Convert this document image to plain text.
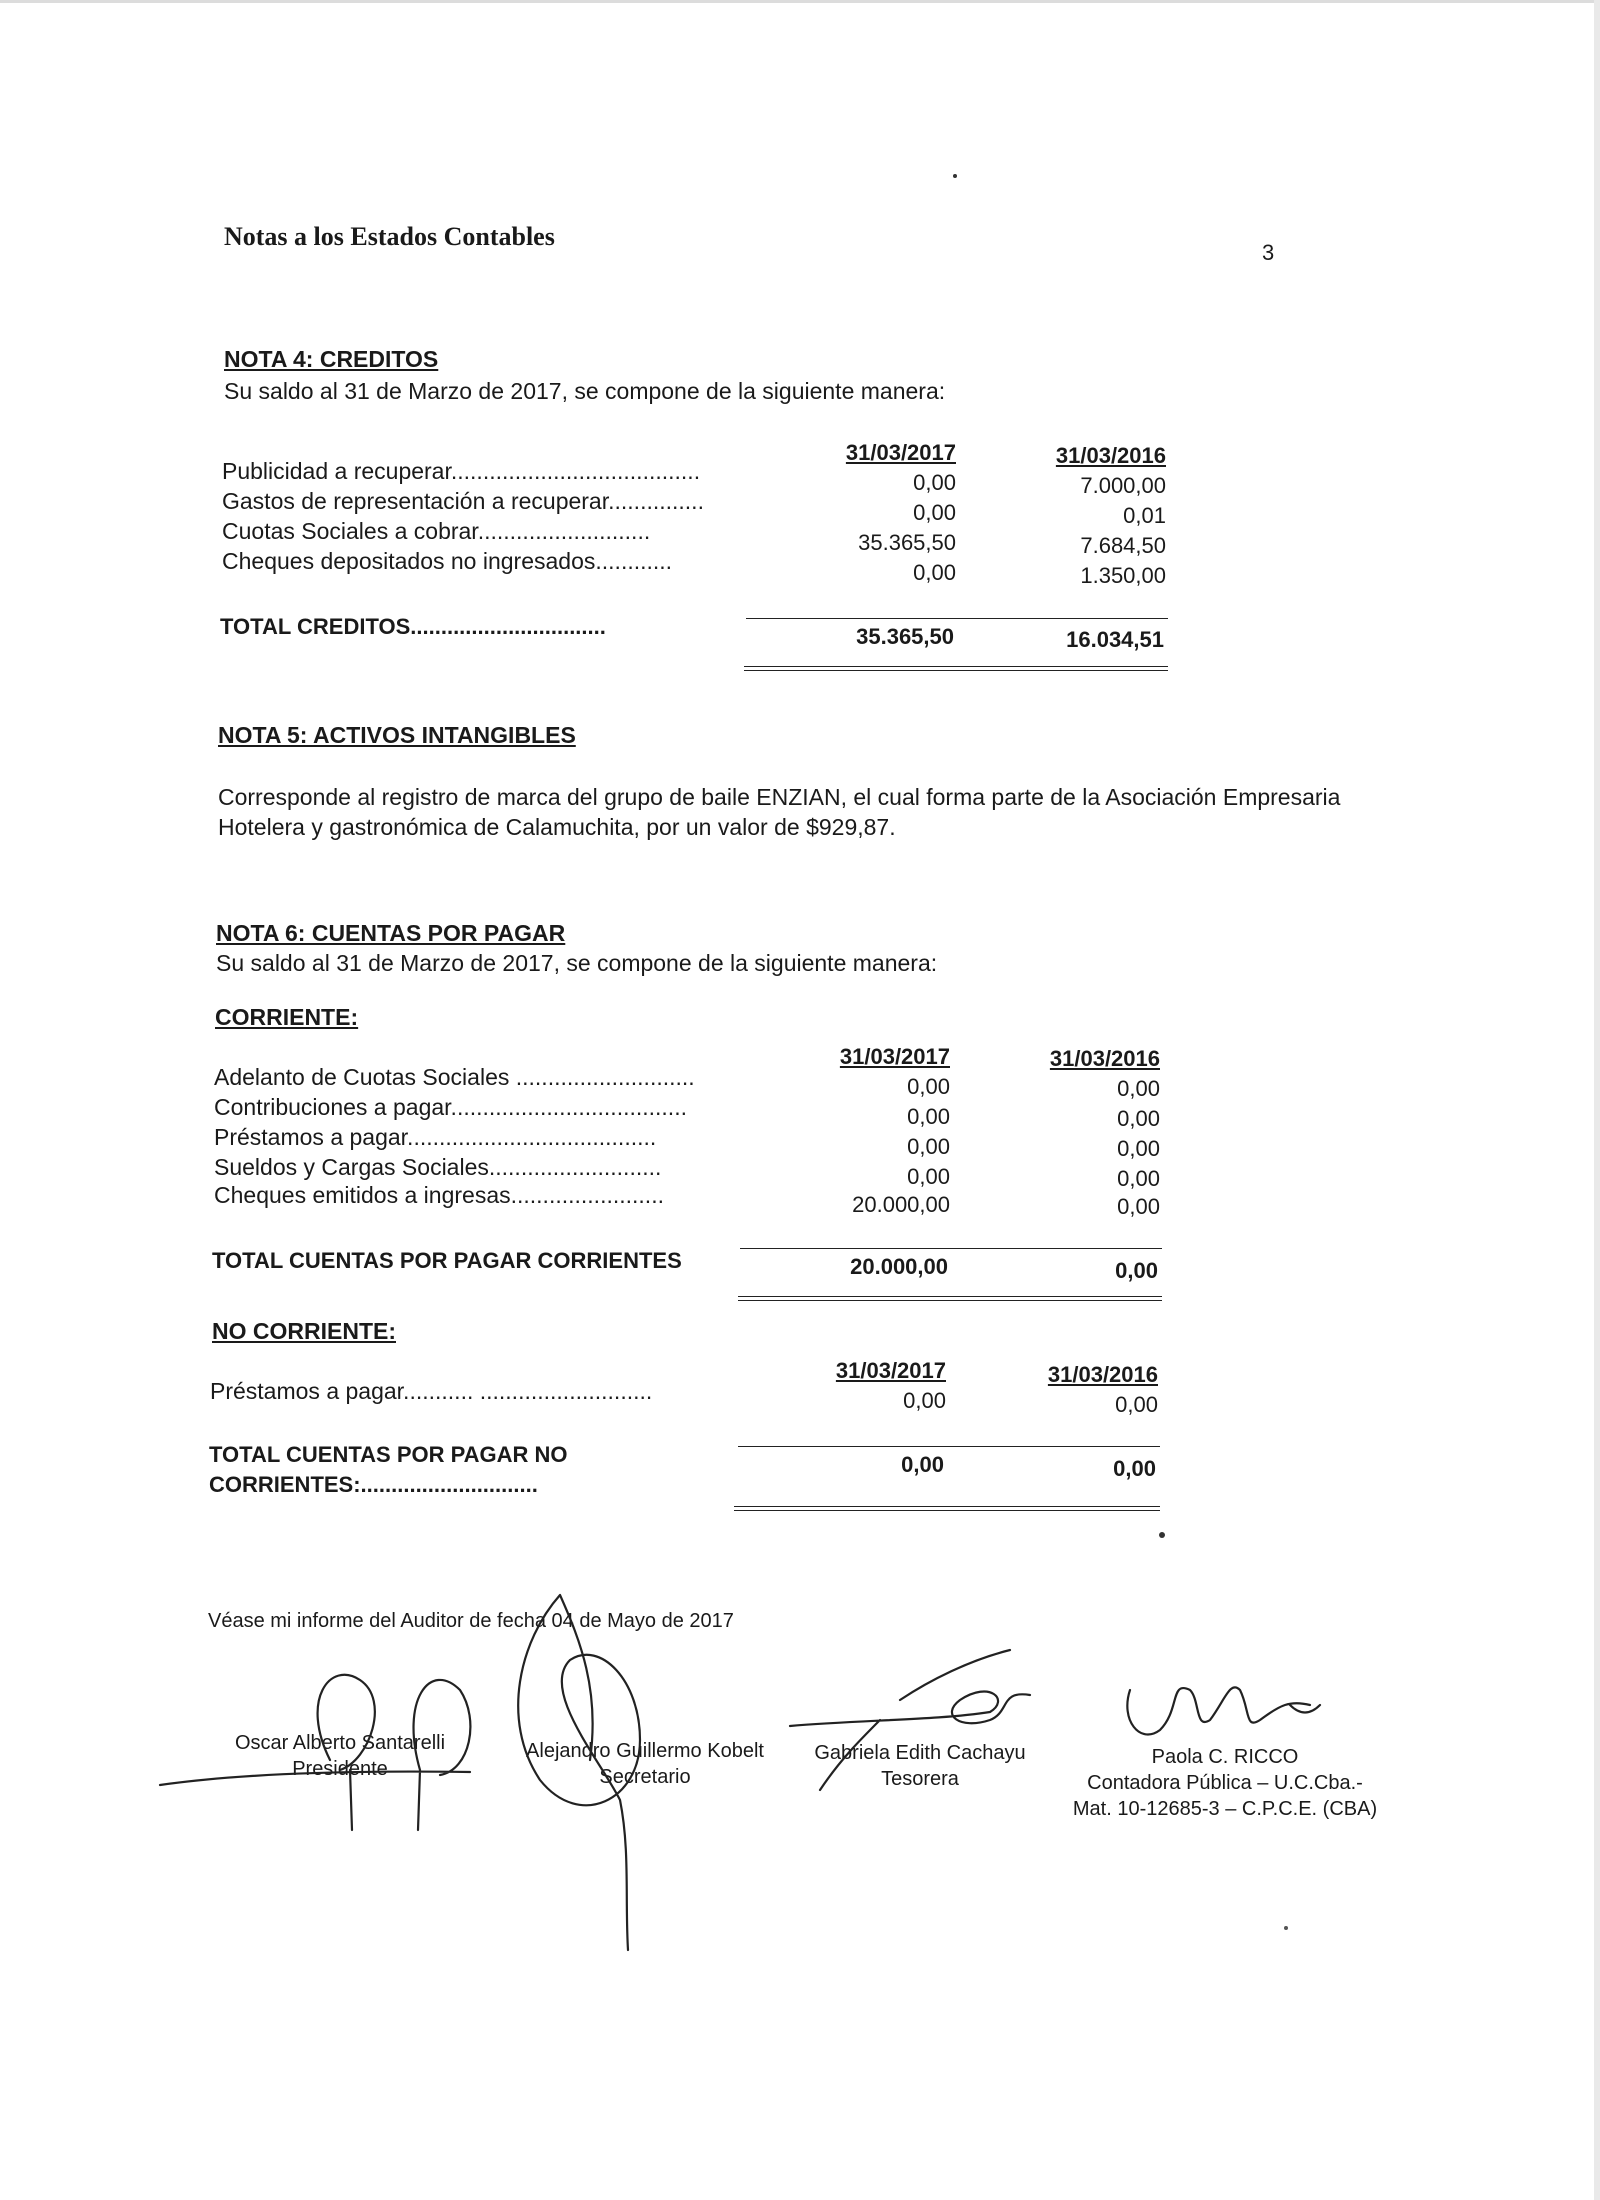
Notas a los Estados Contables
3
NOTA 4: CREDITOS
Su saldo al 31 de Marzo de 2017, se compone de la siguiente manera:
31/03/2017	31/03/2016
Publicidad a recuperar.......................................	0,00	7.000,00
Gastos de representación a recuperar...............	0,00	0,01
Cuotas Sociales a cobrar...........................	35.365,50	7.684,50
Cheques depositados no ingresados............	0,00	1.350,00
TOTAL CREDITOS................................	35.365,50	16.034,51
NOTA 5: ACTIVOS INTANGIBLES
Corresponde al registro de marca del grupo de baile ENZIAN, el cual forma parte de la Asociación Empresaria
Hotelera y gastronómica de Calamuchita, por un valor de $929,87.
NOTA 6: CUENTAS POR PAGAR
Su saldo al 31 de Marzo de 2017, se compone de la siguiente manera:
CORRIENTE:
31/03/2017	31/03/2016
Adelanto de Cuotas Sociales ............................	0,00	0,00
Contribuciones a pagar.....................................	0,00	0,00
Préstamos a pagar.......................................	0,00	0,00
Sueldos y Cargas Sociales...........................	0,00	0,00
Cheques emitidos a ingresas........................	20.000,00	0,00
TOTAL CUENTAS POR PAGAR CORRIENTES	20.000,00	0,00
NO CORRIENTE:
31/03/2017	31/03/2016
Préstamos a pagar........... ...........................	0,00	0,00
TOTAL CUENTAS POR PAGAR NO
CORRIENTES:.............................
0,00	0,00
Véase mi informe del Auditor de fecha 04 de Mayo de 2017
Oscar Alberto Santarelli
Presidente
Alejandro Guillermo Kobelt
Secretario
Gabriela Edith Cachayu
Tesorera
Paola C. RICCO
Contadora Pública – U.C.Cba.-
Mat. 10-12685-3 – C.P.C.E. (CBA)
